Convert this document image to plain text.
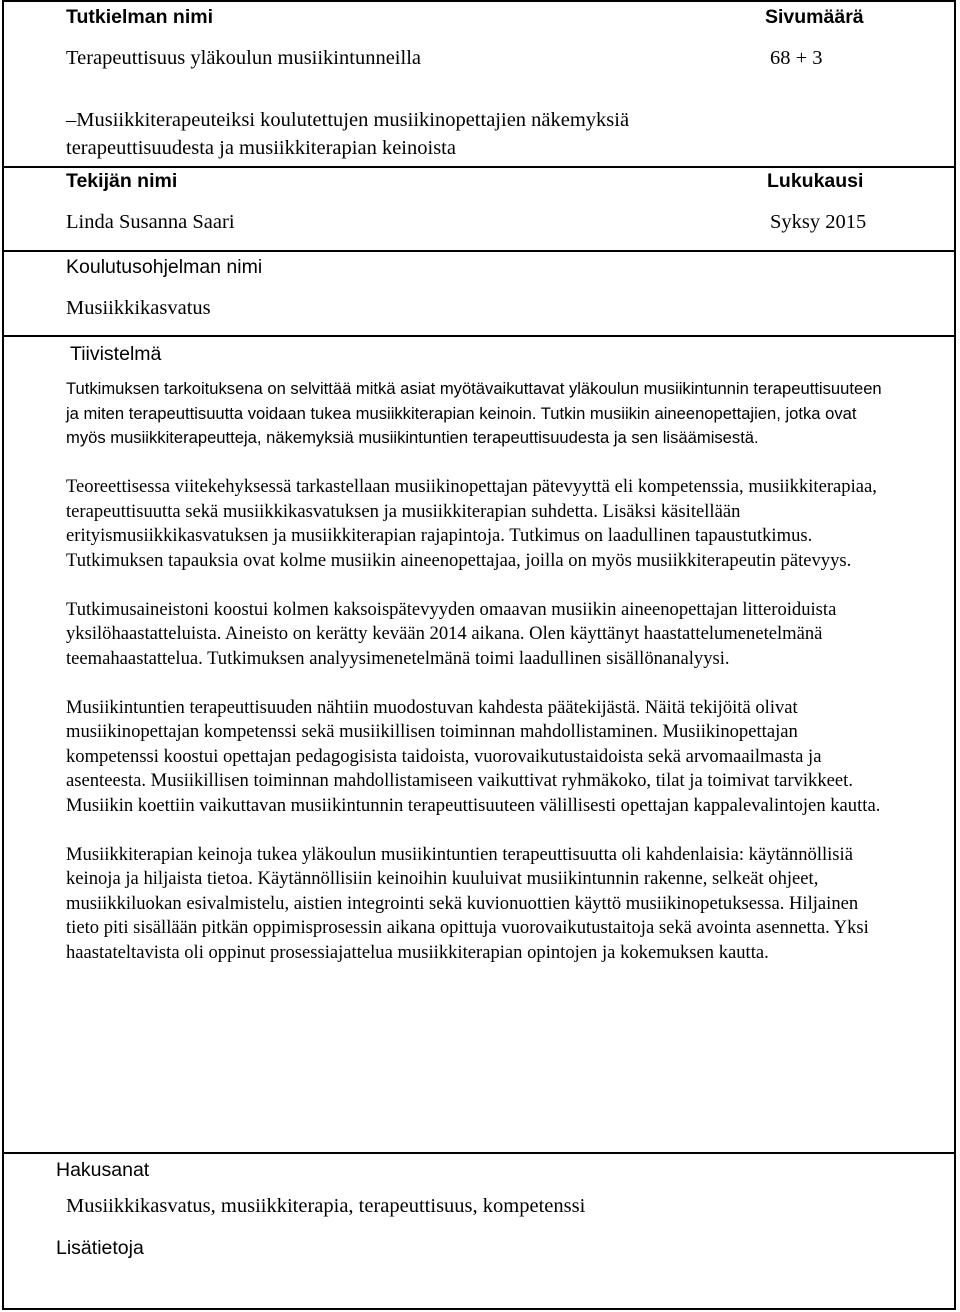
Tutkielman nimi	Sivumäärä
Terapeuttisuus yläkoulun musiikintunneilla	68 + 3
–Musiikkiterapeuteiksi koulutettujen musiikinopettajien näkemyksiä
terapeuttisuudesta ja musiikkiterapian keinoista
Tekijän nimi	Lukukausi
Linda Susanna Saari	Syksy 2015
Koulutusohjelman nimi
Musiikkikasvatus
Tiivistelmä

Tutkimuksen tarkoituksena on selvittää mitkä asiat myötävaikuttavat yläkoulun musiikintunnin terapeuttisuuteen ja miten terapeuttisuutta voidaan tukea musiikkiterapian keinoin. Tutkin musiikin aineenopettajien, jotka ovat myös musiikkiterapeutteja, näkemyksiä musiikintuntien terapeuttisuudesta ja sen lisäämisestä.

Teoreettisessa viitekehyksessä tarkastellaan musiikinopettajan pätevyyttä eli kompetenssia, musiikkiterapiaa, terapeuttisuutta sekä musiikkikasvatuksen ja musiikkiterapian suhdetta. Lisäksi käsitellään erityismusiikkikasvatuksen ja musiikkiterapian rajapintoja. Tutkimus on laadullinen tapaustutkimus. Tutkimuksen tapauksia ovat kolme musiikin aineenopettajaa, joilla on myös musiikkiterapeutin pätevyys.

Tutkimusaineistoni koostui kolmen kaksoispätevyyden omaavan musiikin aineenopettajan litteroiduista yksilöhaastatteluista. Aineisto on kerätty kevään 2014 aikana. Olen käyttänyt haastattelumenetelmänä teemahaastattelua. Tutkimuksen analyysimenetelmänä toimi laadullinen sisällönanalyysi.

Musiikintuntien terapeuttisuuden nähtiin muodostuvan kahdesta päätekijästä. Näitä tekijöitä olivat musiikinopettajan kompetenssi sekä musiikillisen toiminnan mahdollistaminen. Musiikinopettajan kompetenssi koostui opettajan pedagogisista taidoista, vuorovaikutustaidoista sekä arvomaailmasta ja asenteesta. Musiikillisen toiminnan mahdollistamiseen vaikuttivat ryhmäkoko, tilat ja toimivat tarvikkeet. Musiikin koettiin vaikuttavan musiikintunnin terapeuttisuuteen välillisesti opettajan kappalevalintojen kautta.

Musiikkiterapian keinoja tukea yläkoulun musiikintuntien terapeuttisuutta oli kahdenlaisia: käytännöllisiä keinoja ja hiljaista tietoa. Käytännöllisiin keinoihin kuuluivat musiikintunnin rakenne, selkeät ohjeet, musiikkiluokan esivalmistelu, aistien integrointi sekä kuvionuottien käyttö musiikinopetuksessa. Hiljainen tieto piti sisällään pitkän oppimisprosessin aikana opittuja vuorovaikutustaitoja sekä avointa asennetta. Yksi haastateltavista oli oppinut prosessiajattelua musiikkiterapian opintojen ja kokemuksen kautta.

Hakusanat
Musiikkikasvatus, musiikkiterapia, terapeuttisuus, kompetenssi
Lisätietoja
